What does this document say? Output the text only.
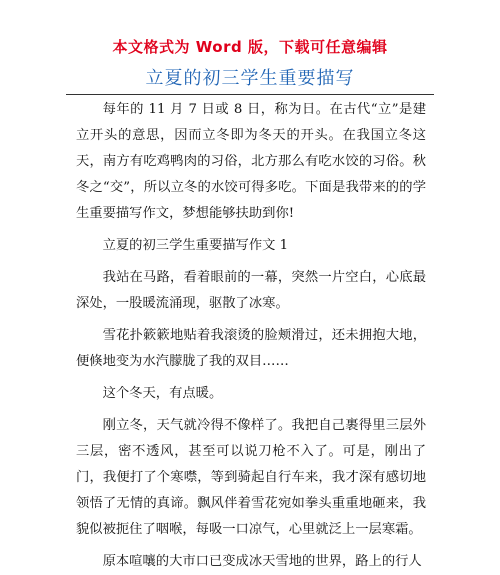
本文格式为 Word 版，下载可任意编辑
立夏的初三学生重要描写

每年的 11 月 7 日或 8 日，称为日。在古代“立”是建立开头的意思，因而立冬即为冬天的开头。在我国立冬这天，南方有吃鸡鸭肉的习俗，北方那么有吃水饺的习俗。秋冬之“交”，所以立冬的水饺可得多吃。下面是我带来的的学生重要描写作文，梦想能够扶助到你!

立夏的初三学生重要描写作文 1

我站在马路，看着眼前的一幕，突然一片空白，心底最深处，一股暖流涌现，驱散了冰寒。

雪花扑簌簌地贴着我滚烫的脸颊滑过，还未拥抱大地，便倏地变为水汽朦胧了我的双目……

这个冬天，有点暖。

刚立冬，天气就冷得不像样了。我把自己裹得里三层外三层，密不透风，甚至可以说刀枪不入了。可是，刚出了门，我便打了个寒噤，等到骑起自行车来，我才深有感切地领悟了无情的真谛。飘风伴着雪花宛如拳头重重地砸来，我貌似被扼住了咽喉，每吸一口凉气，心里就泛上一层寒霜。

原本喧嚷的大市口已变成冰天雪地的世界，路上的行人
